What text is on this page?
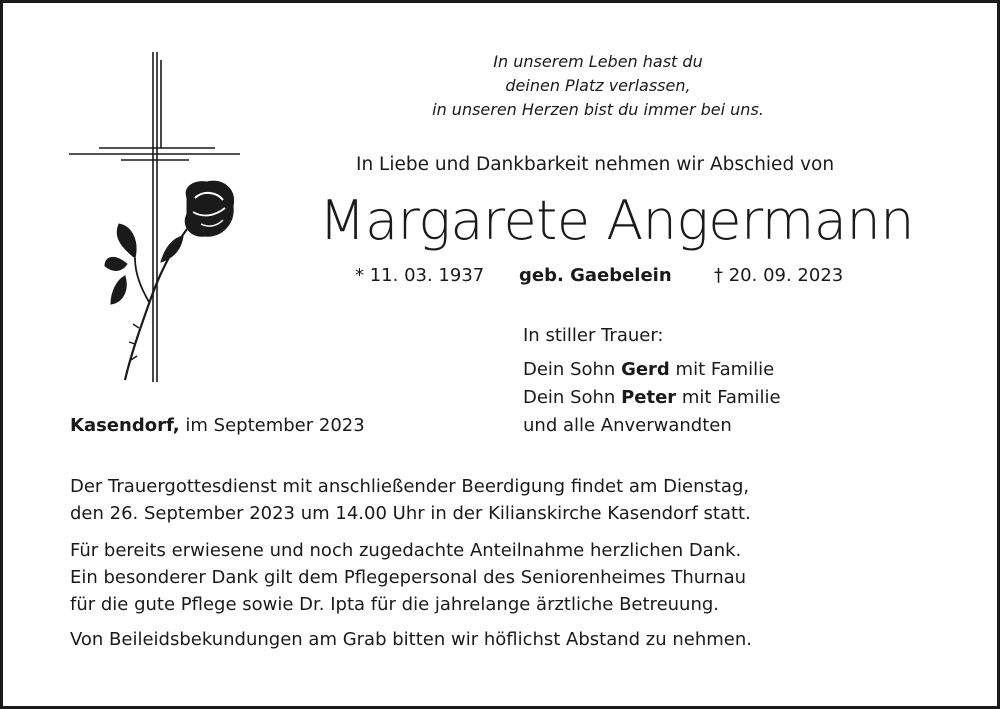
In unserem Leben hast du
deinen Platz verlassen,
in unseren Herzen bist du immer bei uns.
In Liebe und Dankbarkeit nehmen wir Abschied von
Margarete Angermann
* 11. 03. 1937 geb. Gaebelein † 20. 09. 2023
In stiller Trauer:
Dein Sohn Gerd mit Familie
Dein Sohn Peter mit Familie
und alle Anverwandten
Kasendorf, im September 2023
Der Trauergottesdienst mit anschließender Beerdigung findet am Dienstag,
den 26. September 2023 um 14.00 Uhr in der Kilianskirche Kasendorf statt.
Für bereits erwiesene und noch zugedachte Anteilnahme herzlichen Dank.
Ein besonderer Dank gilt dem Pflegepersonal des Seniorenheimes Thurnau
für die gute Pflege sowie Dr. Ipta für die jahrelange ärztliche Betreuung.
Von Beileidsbekundungen am Grab bitten wir höflichst Abstand zu nehmen.
